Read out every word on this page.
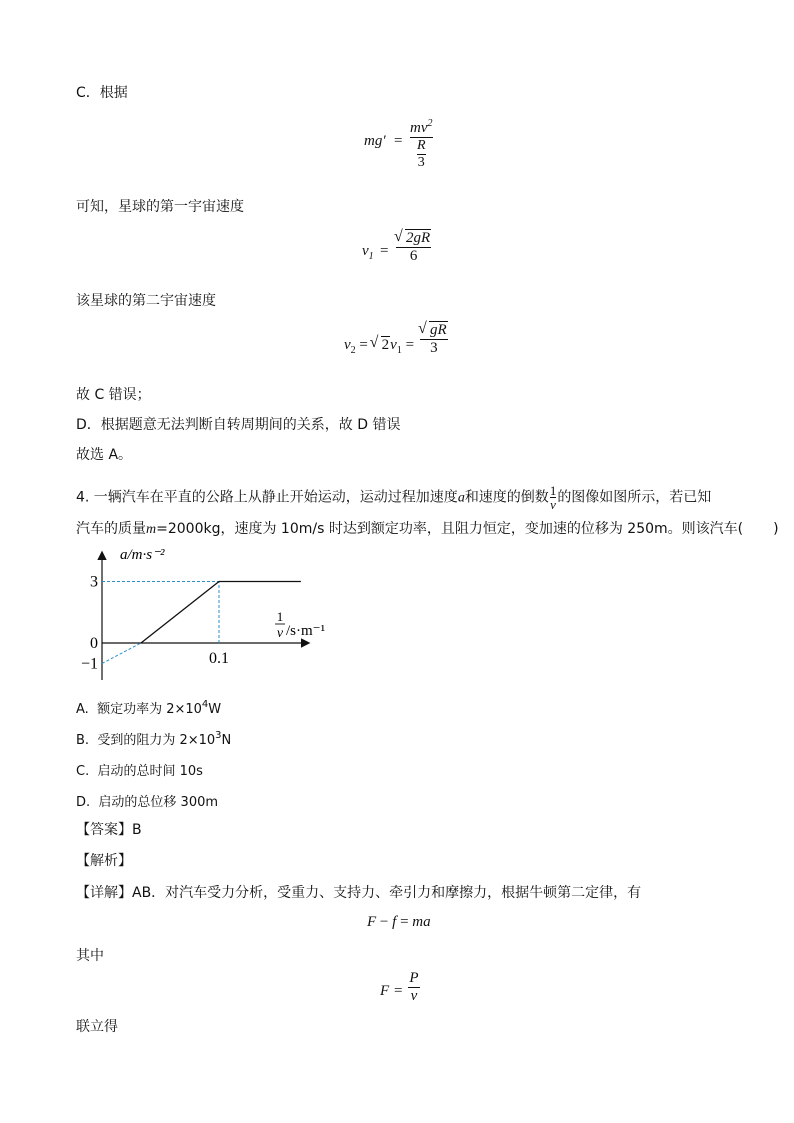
C．根据
mg′ =
$mv^2$
$\frac{R}{3}$
可知，星球的第一宇宙速度
$v_1$ =
√ 2gR
6
该星球的第二宇宙速度
$v_2$ = √ $2v_1$ =
√ gR
3
故 C 错误；
D．根据题意无法判断自转周期间的关系，故 D 错误
故选 A。
4. 一辆汽车在平直的公路上从静止开始运动，运动过程加速度a和速度的倒数 $\frac{1}{v}$ 的图像如图所示，若已知
汽车的质量m=2000kg，速度为 10m/s 时达到额定功率，且阻力恒定，变加速的位移为 250m。则该汽车( )
3
0
−1	0.1
a/m·s⁻²
1
v /s·m⁻¹
A. 额定功率为 $2\times 10^4W$
B. 受到的阻力为 $2\times 10^3N$
C. 启动的总时间 10s
D. 启动的总位移 300m
【答案】B
【解析】
【详解】AB．对汽车受力分析，受重力、支持力、牵引力和摩擦力，根据牛顿第二定律，有
F − f = ma
其中
F =
P
v
联立得
